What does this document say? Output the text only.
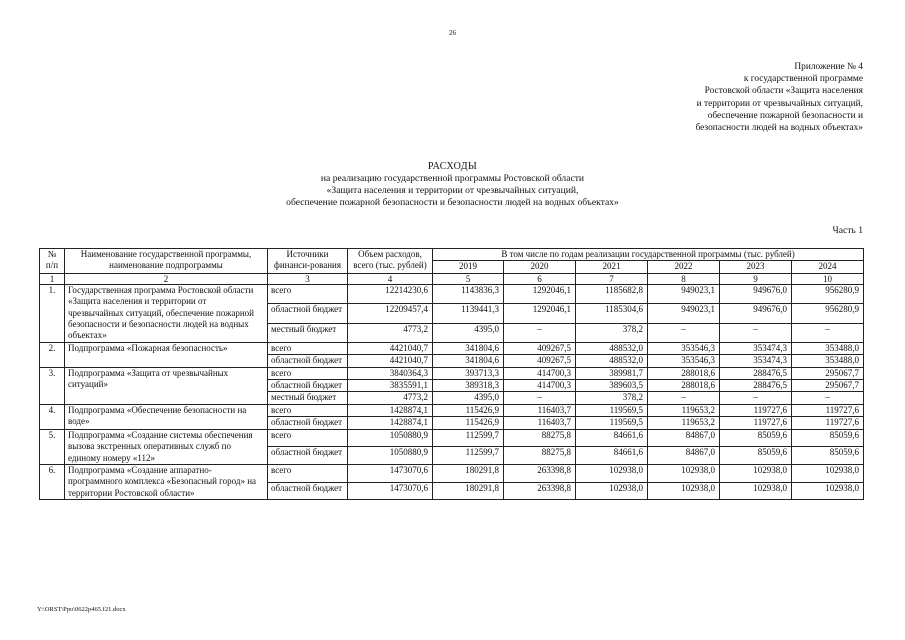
26
Приложение № 4
к государственной программе
Ростовской области «Защита населения
и территории от чрезвычайных ситуаций,
обеспечение пожарной безопасности и
безопасности людей на водных объектах»
РАСХОДЫ
на реализацию государственной программы Ростовской области
«Защита населения и территории от чрезвычайных ситуаций,
обеспечение пожарной безопасности и безопасности людей на водных объектах»
Часть 1
№ п/п	Наименование государственной программы, наименование подпрограммы	Источники финанси-рования	Объем расходов, всего (тыс. рублей)	В том числе по годам реализации государственной программы (тыс. рублей)					
				2019	2020	2021	2022	2023	2024
1	2	3	4	5	6	7	8	9	10
1.	Государственная программа Ростовской области «Защита населения и территории от чрезвычайных ситуаций, обеспечение пожарной безопасности и безопасности людей на водных объектах»	всего	12214230,6	1143836,3	1292046,1	1185682,8	949023,1	949676,0	956280,9
		областной бюджет	12209457,4	1139441,3	1292046,1	1185304,6	949023,1	949676,0	956280,9
		местный бюджет	4773,2	4395,0	–	378,2	–	–	–
2.	Подпрограмма «Пожарная безопасность»	всего	4421040,7	341804,6	409267,5	488532,0	353546,3	353474,3	353488,0
		областной бюджет	4421040,7	341804,6	409267,5	488532,0	353546,3	353474,3	353488,0
3.	Подпрограмма «Защита от чрезвычайных ситуаций»	всего	3840364,3	393713,3	414700,3	389981,7	288018,6	288476,5	295067,7
		областной бюджет	3835591,1	389318,3	414700,3	389603,5	288018,6	288476,5	295067,7
		местный бюджет	4773,2	4395,0	–	378,2	–	–	–
4.	Подпрограмма «Обеспечение безопасности на воде»	всего	1428874,1	115426,9	116403,7	119569,5	119653,2	119727,6	119727,6
		областной бюджет	1428874,1	115426,9	116403,7	119569,5	119653,2	119727,6	119727,6
5.	Подпрограмма «Создание системы обеспечения вызова экстренных оперативных служб по единому номеру «112»	всего	1050880,9	112599,7	88275,8	84661,6	84867,0	85059,6	85059,6
		областной бюджет	1050880,9	112599,7	88275,8	84661,6	84867,0	85059,6	85059,6
6.	Подпрограмма «Создание аппаратно-программного комплекса «Безопасный город» на территории Ростовской области»	всего	1473070,6	180291,8	263398,8	102938,0	102938,0	102938,0	102938,0
		областной бюджет	1473070,6	180291,8	263398,8	102938,0	102938,0	102938,0	102938,0
Y:\ORST\Ppo\0622p465.f21.docx
